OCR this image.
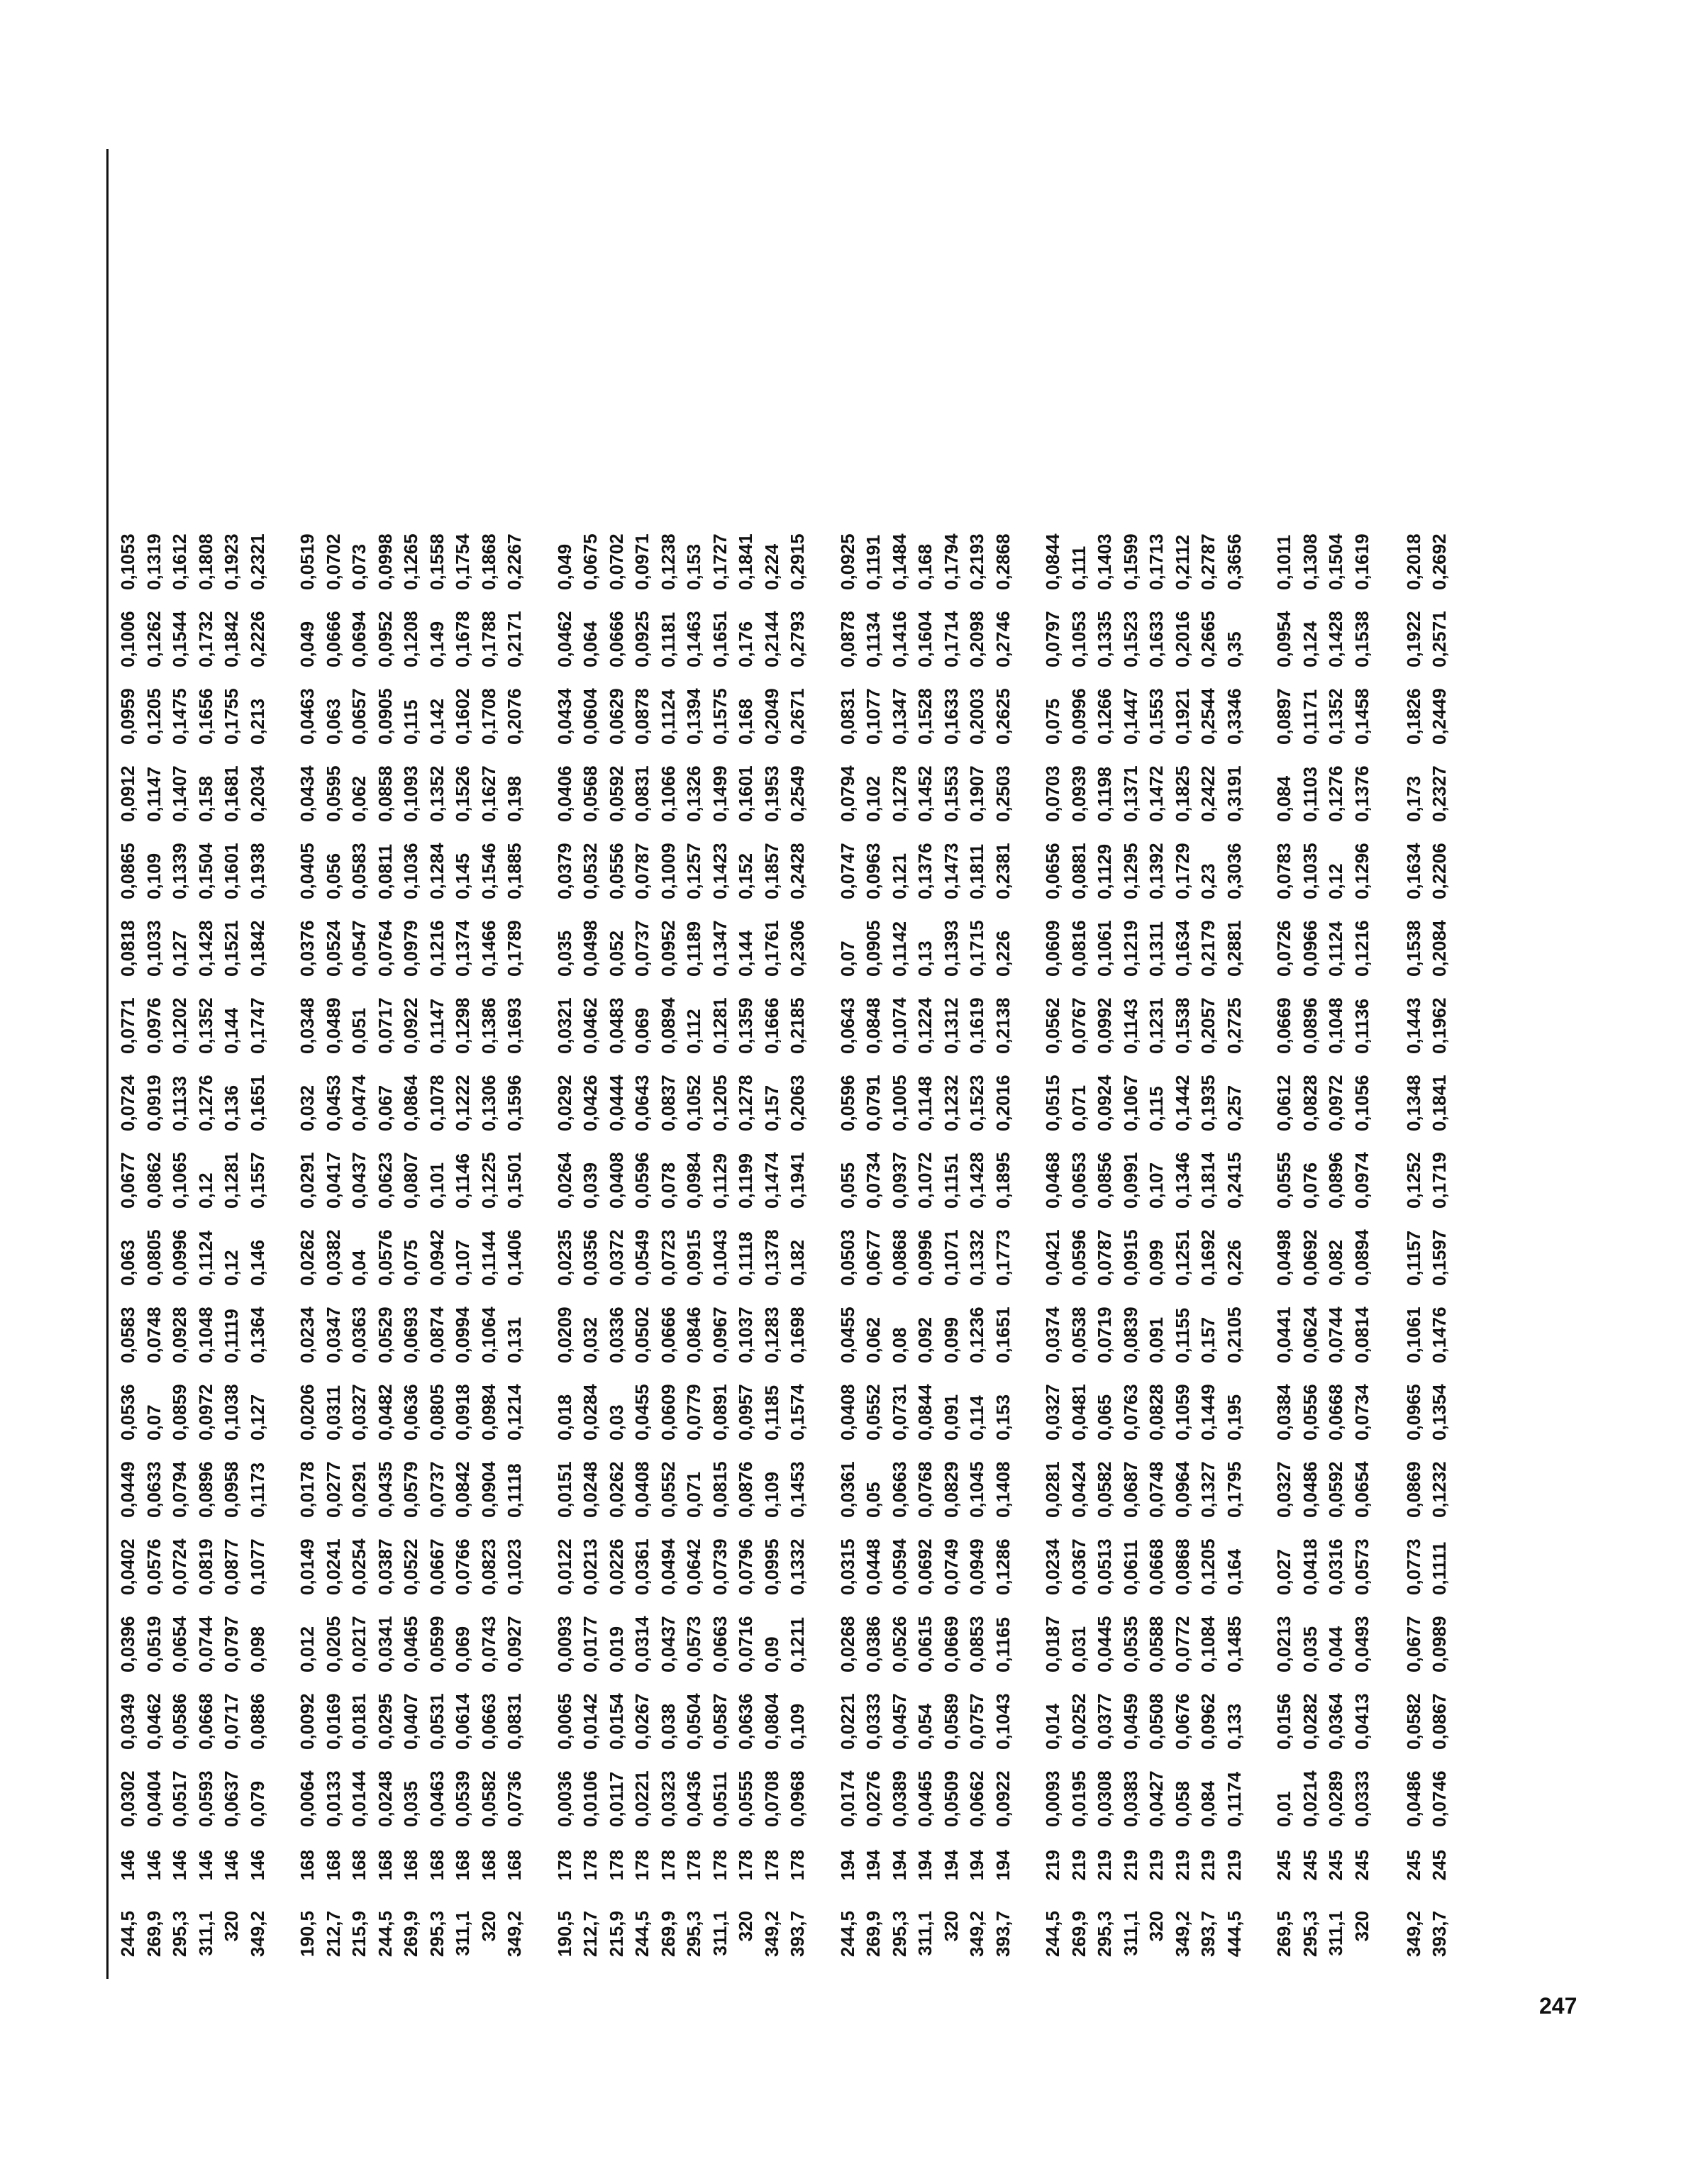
244,5 269,9 295,3 311,1 320 349,2
146 146 146 146 146 146
0,0302 0,0404 0,0517 0,0593 0,0637 0,079
0,0349 0,0462 0,0586 0,0668 0,0717 0,0886
0,0396 0,0519 0,0654 0,0744 0,0797 0,098
0,0402 0,0576 0,0724 0,0819 0,0877 0,1077
0,0449 0,0633 0,0794 0,0896 0,0958 0,1173
0,0536 0,07 0,0859 0,0972 0,1038 0,127
0,0583 0,0748 0,0928 0,1048 0,1119 0,1364
0,063 0,0805 0,0996 0,1124 0,12 0,146
0,0677 0,0862 0,1065 0,12 0,1281 0,1557
0,0724 0,0919 0,1133 0,1276 0,136 0,1651
0,0771 0,0976 0,1202 0,1352 0,144 0,1747
0,0818 0,1033 0,127 0,1428 0,1521 0,1842
0,0865 0,109 0,1339 0,1504 0,1601 0,1938
0,0912 0,1147 0,1407 0,158 0,1681 0,2034
0,0959 0,1205 0,1475 0,1656 0,1755 0,213
0,1006 0,1262 0,1544 0,1732 0,1842 0,2226
0,1053 0,1319 0,1612 0,1808 0,1923 0,2321
190,5 212,7 215,9 244,5 269,9 295,3 311,1 320 349,2
168 168 168 168 168 168 168 168 168
0,0064 0,0133 0,0144 0,0248 0,035 0,0463 0,0539 0,0582 0,0736
0,0092 0,0169 0,0181 0,0295 0,0407 0,0531 0,0614 0,0663 0,0831
0,012 0,0205 0,0217 0,0341 0,0465 0,0599 0,069 0,0743 0,0927
0,0149 0,0241 0,0254 0,0387 0,0522 0,0667 0,0766 0,0823 0,1023
0,0178 0,0277 0,0291 0,0435 0,0579 0,0737 0,0842 0,0904 0,1118
0,0206 0,0311 0,0327 0,0482 0,0636 0,0805 0,0918 0,0984 0,1214
0,0234 0,0347 0,0363 0,0529 0,0693 0,0874 0,0994 0,1064 0,131
0,0262 0,0382 0,04 0,0576 0,075 0,0942 0,107 0,1144 0,1406
0,0291 0,0417 0,0437 0,0623 0,0807 0,101 0,1146 0,1225 0,1501
0,032 0,0453 0,0474 0,067 0,0864 0,1078 0,1222 0,1306 0,1596
0,0348 0,0489 0,051 0,0717 0,0922 0,1147 0,1298 0,1386 0,1693
0,0376 0,0524 0,0547 0,0764 0,0979 0,1216 0,1374 0,1466 0,1789
0,0405 0,056 0,0583 0,0811 0,1036 0,1284 0,145 0,1546 0,1885
0,0434 0,0595 0,062 0,0858 0,1093 0,1352 0,1526 0,1627 0,198
0,0463 0,063 0,0657 0,0905 0,115 0,142 0,1602 0,1708 0,2076
0,049 0,0666 0,0694 0,0952 0,1208 0,149 0,1678 0,1788 0,2171
0,0519 0,0702 0,073 0,0998 0,1265 0,1558 0,1754 0,1868 0,2267
190,5 212,7 215,9 244,5 269,9 295,3 311,1 320 349,2 393,7
178 178 178 178 178 178 178 178 178 178
0,0036 0,0106 0,0117 0,0221 0,0323 0,0436 0,0511 0,0555 0,0708 0,0968
0,0065 0,0142 0,0154 0,0267 0,038 0,0504 0,0587 0,0636 0,0804 0,109
0,0093 0,0177 0,019 0,0314 0,0437 0,0573 0,0663 0,0716 0,09 0,1211
0,0122 0,0213 0,0226 0,0361 0,0494 0,0642 0,0739 0,0796 0,0995 0,1332
0,0151 0,0248 0,0262 0,0408 0,0552 0,071 0,0815 0,0876 0,109 0,1453
0,018 0,0284 0,03 0,0455 0,0609 0,0779 0,0891 0,0957 0,1185 0,1574
0,0209 0,032 0,0336 0,0502 0,0666 0,0846 0,0967 0,1037 0,1283 0,1698
0,0235 0,0356 0,0372 0,0549 0,0723 0,0915 0,1043 0,1118 0,1378 0,182
0,0264 0,039 0,0408 0,0596 0,078 0,0984 0,1129 0,1199 0,1474 0,1941
0,0292 0,0426 0,0444 0,0643 0,0837 0,1052 0,1205 0,1278 0,157 0,2063
0,0321 0,0462 0,0483 0,069 0,0894 0,112 0,1281 0,1359 0,1666 0,2185
0,035 0,0498 0,052 0,0737 0,0952 0,1189 0,1347 0,144 0,1761 0,2306
0,0379 0,0532 0,0556 0,0787 0,1009 0,1257 0,1423 0,152 0,1857 0,2428
0,0406 0,0568 0,0592 0,0831 0,1066 0,1326 0,1499 0,1601 0,1953 0,2549
0,0434 0,0604 0,0629 0,0878 0,1124 0,1394 0,1575 0,168 0,2049 0,2671
0,0462 0,064 0,0666 0,0925 0,1181 0,1463 0,1651 0,176 0,2144 0,2793
0,049 0,0675 0,0702 0,0971 0,1238 0,153 0,1727 0,1841 0,224 0,2915
244,5 269,9 295,3 311,1 320 349,2 393,7
194 194 194 194 194 194 194
0,0174 0,0276 0,0389 0,0465 0,0509 0,0662 0,0922
0,0221 0,0333 0,0457 0,054 0,0589 0,0757 0,1043
0,0268 0,0386 0,0526 0,0615 0,0669 0,0853 0,1165
0,0315 0,0448 0,0594 0,0692 0,0749 0,0949 0,1286
0,0361 0,05 0,0663 0,0768 0,0829 0,1045 0,1408
0,0408 0,0552 0,0731 0,0844 0,091 0,114 0,153
0,0455 0,062 0,08 0,092 0,099 0,1236 0,1651
0,0503 0,0677 0,0868 0,0996 0,1071 0,1332 0,1773
0,055 0,0734 0,0937 0,1072 0,1151 0,1428 0,1895
0,0596 0,0791 0,1005 0,1148 0,1232 0,1523 0,2016
0,0643 0,0848 0,1074 0,1224 0,1312 0,1619 0,2138
0,07 0,0905 0,1142 0,13 0,1393 0,1715 0,226
0,0747 0,0963 0,121 0,1376 0,1473 0,1811 0,2381
0,0794 0,102 0,1278 0,1452 0,1553 0,1907 0,2503
0,0831 0,1077 0,1347 0,1528 0,1633 0,2003 0,2625
0,0878 0,1134 0,1416 0,1604 0,1714 0,2098 0,2746
0,0925 0,1191 0,1484 0,168 0,1794 0,2193 0,2868
244,5 269,9 295,3 311,1 320 349,2 393,7 444,5
219 219 219 219 219 219 219 219
0,0093 0,0195 0,0308 0,0383 0,0427 0,058 0,084 0,1174
0,014 0,0252 0,0377 0,0459 0,0508 0,0676 0,0962 0,133
0,0187 0,031 0,0445 0,0535 0,0588 0,0772 0,1084 0,1485
0,0234 0,0367 0,0513 0,0611 0,0668 0,0868 0,1205 0,164
0,0281 0,0424 0,0582 0,0687 0,0748 0,0964 0,1327 0,1795
0,0327 0,0481 0,065 0,0763 0,0828 0,1059 0,1449 0,195
0,0374 0,0538 0,0719 0,0839 0,091 0,1155 0,157 0,2105
0,0421 0,0596 0,0787 0,0915 0,099 0,1251 0,1692 0,226
0,0468 0,0653 0,0856 0,0991 0,107 0,1346 0,1814 0,2415
0,0515 0,071 0,0924 0,1067 0,115 0,1442 0,1935 0,257
0,0562 0,0767 0,0992 0,1143 0,1231 0,1538 0,2057 0,2725
0,0609 0,0816 0,1061 0,1219 0,1311 0,1634 0,2179 0,2881
0,0656 0,0881 0,1129 0,1295 0,1392 0,1729 0,23 0,3036
0,0703 0,0939 0,1198 0,1371 0,1472 0,1825 0,2422 0,3191
0,075 0,0996 0,1266 0,1447 0,1553 0,1921 0,2544 0,3346
0,0797 0,1053 0,1335 0,1523 0,1633 0,2016 0,2665 0,35
0,0844 0,111 0,1403 0,1599 0,1713 0,2112 0,2787 0,3656
269,5 295,3 311,1 320 349,2 393,7
245 245 245 245 245 245
0,01 0,0214 0,0289 0,0333 0,0486 0,0746
0,0156 0,0282 0,0364 0,0413 0,0582 0,0867
0,0213 0,035 0,044 0,0493 0,0677 0,0989
0,027 0,0418 0,0316 0,0573 0,0773 0,1111
0,0327 0,0486 0,0592 0,0654 0,0869 0,1232
0,0384 0,0556 0,0668 0,0734 0,0965 0,1354
0,0441 0,0624 0,0744 0,0814 0,1061 0,1476
0,0498 0,0692 0,082 0,0894 0,1157 0,1597
0,0555 0,076 0,0896 0,0974 0,1252 0,1719
0,0612 0,0828 0,0972 0,1056 0,1348 0,1841
0,0669 0,0896 0,1048 0,1136 0,1443 0,1962
0,0726 0,0966 0,1124 0,1216 0,1538 0,2084
0,0783 0,1035 0,12 0,1296 0,1634 0,2206
0,084 0,1103 0,1276 0,1376 0,173 0,2327
0,0897 0,1171 0,1352 0,1458 0,1826 0,2449
0,0954 0,124 0,1428 0,1538 0,1922 0,2571
0,1011 0,1308 0,1504 0,1619 0,2018 0,2692
247
